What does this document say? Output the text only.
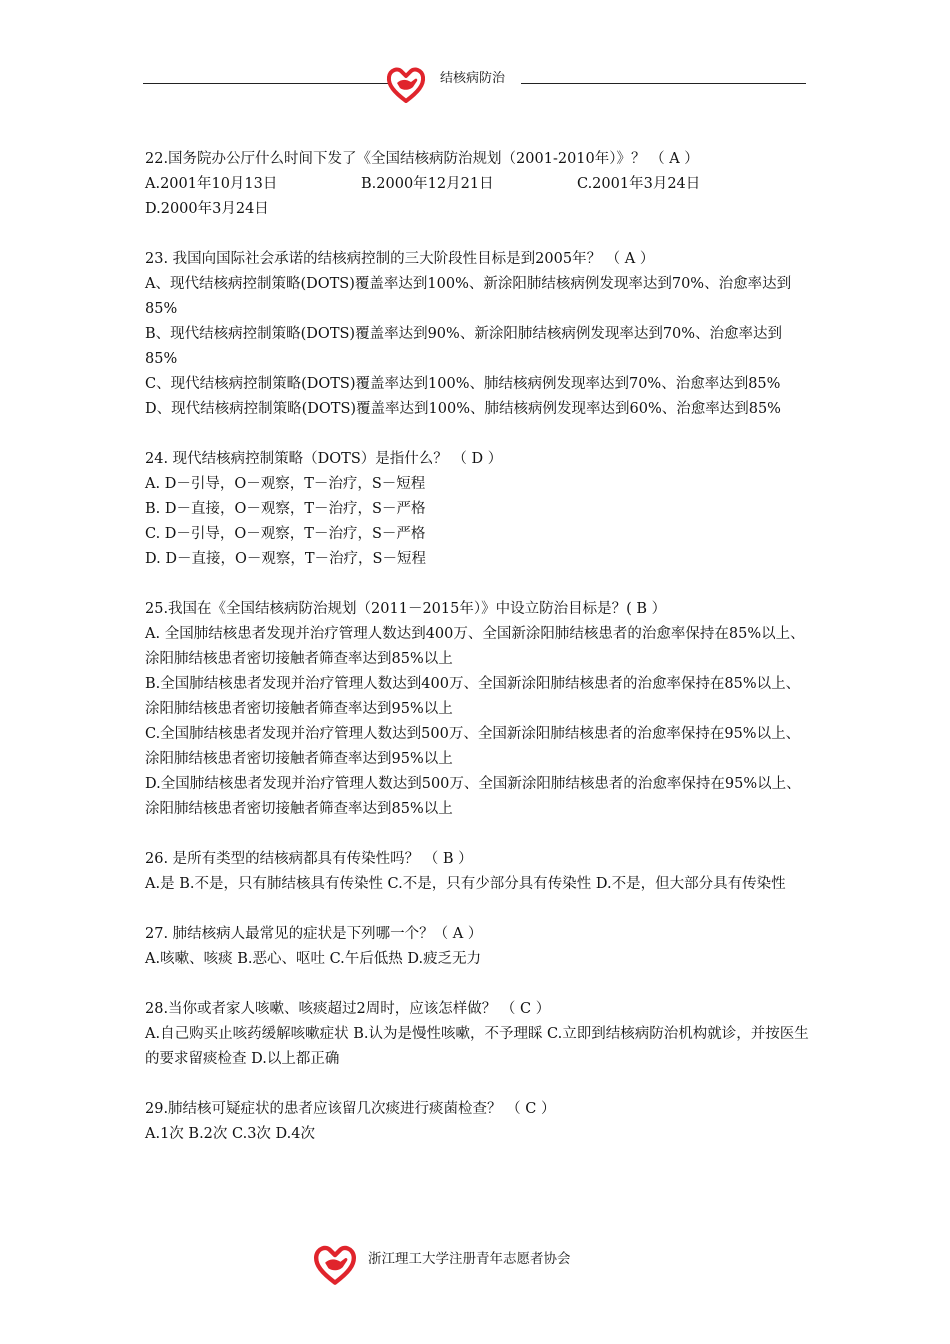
结核病防治
22.国务院办公厅什么时间下发了《全国结核病防治规划（2001-2010年）》？ （ A ）
A.2001年10月13日	B.2000年12月21日	C.2001年3月24日
D.2000年3月24日
23. 我国向国际社会承诺的结核病控制的三大阶段性目标是到2005年？ （ A ）
A、现代结核病控制策略(DOTS)覆盖率达到100%、新涂阳肺结核病例发现率达到70%、治愈率达到85%
B、现代结核病控制策略(DOTS)覆盖率达到90%、新涂阳肺结核病例发现率达到70%、治愈率达到85%
C、现代结核病控制策略(DOTS)覆盖率达到100%、肺结核病例发现率达到70%、治愈率达到85%
D、现代结核病控制策略(DOTS)覆盖率达到100%、肺结核病例发现率达到60%、治愈率达到85%
24. 现代结核病控制策略（DOTS）是指什么？ （ D ）
A. D－引导，O－观察，T－治疗，S－短程
B. D－直接，O－观察，T－治疗，S－严格
C. D－引导，O－观察，T－治疗，S－严格
D. D－直接，O－观察，T－治疗，S－短程
25.我国在《全国结核病防治规划（2011－2015年）》中设立防治目标是？( B ）
A. 全国肺结核患者发现并治疗管理人数达到400万、全国新涂阳肺结核患者的治愈率保持在85%以上、 涂阳肺结核患者密切接触者筛查率达到85%以上
B.全国肺结核患者发现并治疗管理人数达到400万、全国新涂阳肺结核患者的治愈率保持在85%以上、 涂阳肺结核患者密切接触者筛查率达到95%以上
C.全国肺结核患者发现并治疗管理人数达到500万、全国新涂阳肺结核患者的治愈率保持在95%以上、 涂阳肺结核患者密切接触者筛查率达到95%以上
D.全国肺结核患者发现并治疗管理人数达到500万、全国新涂阳肺结核患者的治愈率保持在95%以上、 涂阳肺结核患者密切接触者筛查率达到85%以上
26. 是所有类型的结核病都具有传染性吗？ （ B ）
A.是 B.不是，只有肺结核具有传染性 C.不是，只有少部分具有传染性 D.不是，但大部分具有传染性
27. 肺结核病人最常见的症状是下列哪一个？（ A ）
A.咳嗽、咳痰 B.恶心、呕吐 C.午后低热 D.疲乏无力
28.当你或者家人咳嗽、咳痰超过2周时，应该怎样做？ （ C ）
A.自己购买止咳药缓解咳嗽症状 B.认为是慢性咳嗽，不予理睬 C.立即到结核病防治机构就诊，并按医生的要求留痰检查 D.以上都正确
29.肺结核可疑症状的患者应该留几次痰进行痰菌检查？ （ C ）
A.1次 B.2次 C.3次 D.4次
浙江理工大学注册青年志愿者协会
